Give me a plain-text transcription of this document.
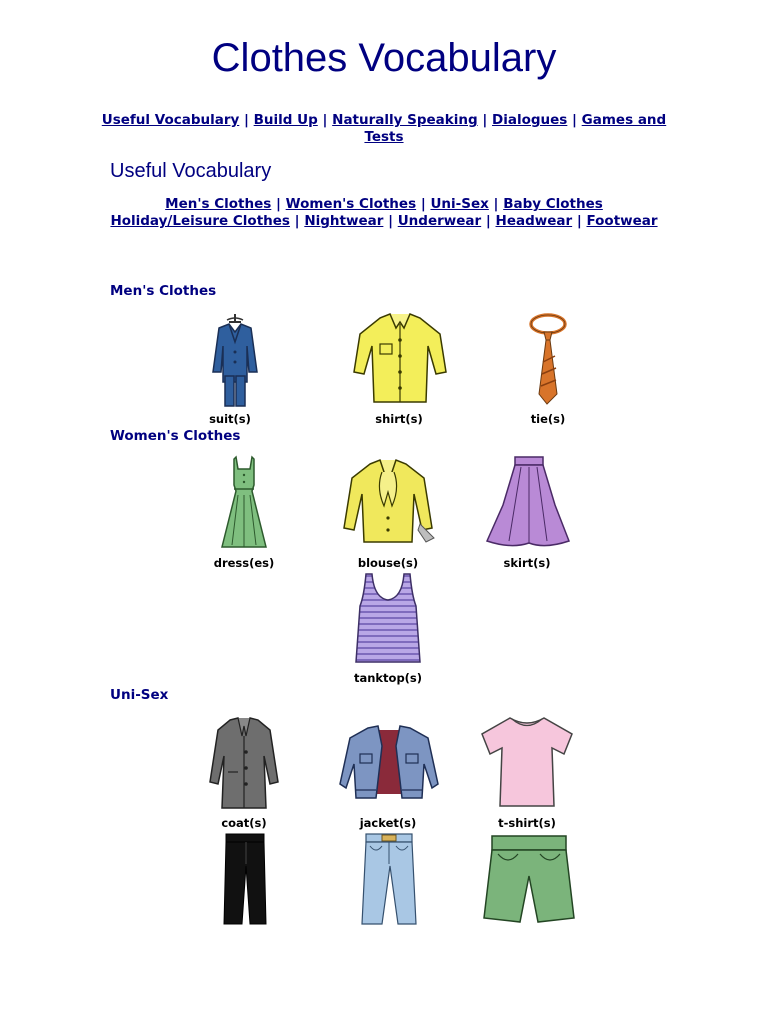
Clothes Vocabulary
Useful Vocabulary | Build Up | Naturally Speaking | Dialogues | Games and Tests
Useful Vocabulary
Men's Clothes | Women's Clothes | Uni-Sex | Baby Clothes
Holiday/Leisure Clothes | Nightwear | Underwear | Headwear | Footwear
Men's Clothes
suit(s)	shirt(s)	tie(s)
Women's Clothes
dress(es)	blouse(s)	skirt(s)
tanktop(s)
Uni-Sex
coat(s)	jacket(s)	t-shirt(s)
